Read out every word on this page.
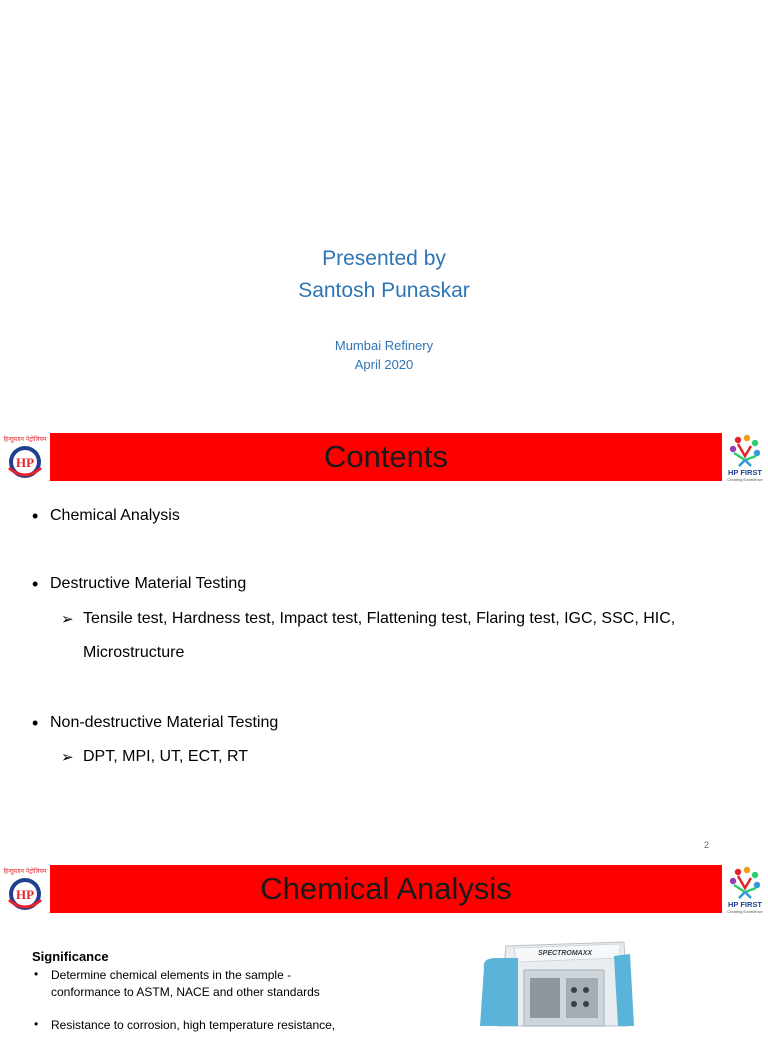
Presented by
Santosh Punaskar
Mumbai Refinery
April 2020
Contents
हिन्दुस्तान पेट्रोलियम
HP
HP FIRST
Creating Excellence
• Chemical Analysis
• Destructive Material Testing
➢ Tensile test, Hardness test, Impact test, Flattening test, Flaring test, IGC, SSC, HIC,
Microstructure
• Non-destructive Material Testing
➢ DPT, MPI, UT, ECT, RT
2
Chemical Analysis
हिन्दुस्तान पेट्रोलियम
HP
HP FIRST
Creating Excellence
Significance
• Determine chemical elements in the sample - conformance to ASTM, NACE and other standards
• Resistance to corrosion, high temperature resistance,
SPECTROMAXX
